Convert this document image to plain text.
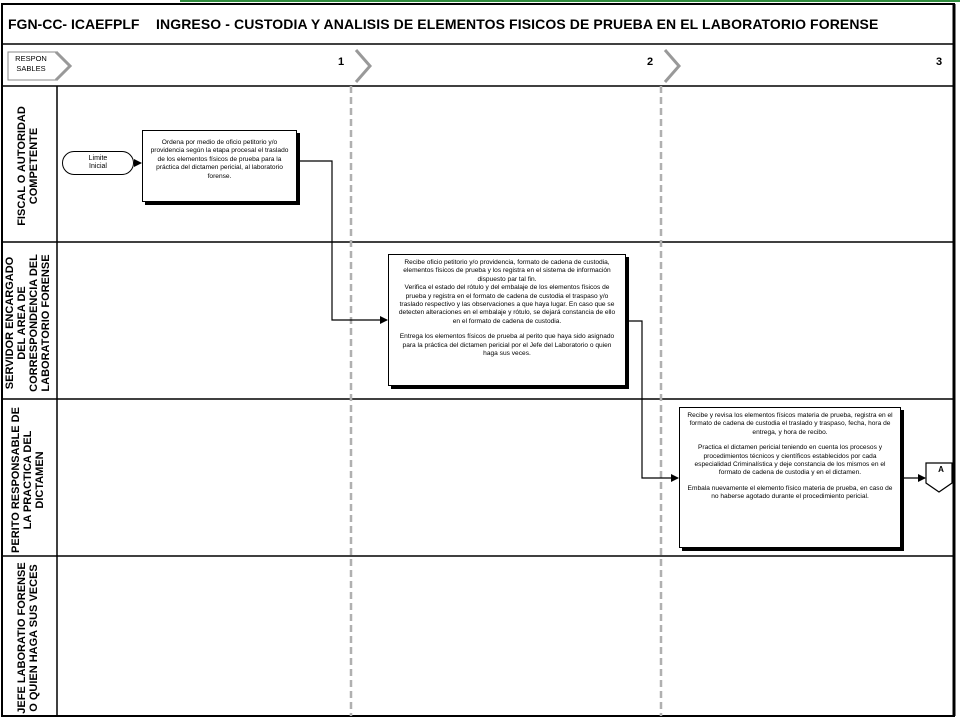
FGN-CC- ICAEFPLF INGRESO - CUSTODIA Y ANALISIS DE ELEMENTOS FISICOS DE PRUEBA EN EL LABORATORIO FORENSE
RESPON
SABLES
1	2	3
FISCAL O AUTORIDAD COMPETENTE
SERVIDOR ENCARGADO DEL AREA DE CORRESPONDENCIA DEL LABORATORIO FORENSE
PERITO RESPONSABLE DE LA PRACTICA DEL DICTAMEN
JEFE LABORATIO FORENSE O QUIEN HAGA SUS VECES
Limite
Inicial

Ordena por medio de oficio petitorio y/o providencia según la etapa procesal el traslado de los elementos físicos de prueba para la práctica del dictamen pericial, al laboratorio forense.

Recibe oficio petitorio y/o providencia, formato de cadena de custodia, elementos físicos de prueba y los registra en el sistema de información dispuesto par tal fin.
Verifica el estado del rótulo y del embalaje de los elementos físicos de prueba y registra en el formato de cadena de custodia el traspaso y/o traslado respectivo y las observaciones a que haya lugar. En caso que se detecten alteraciones en el embalaje y rótulo, se dejará constancia de ello en el formato de cadena de custodia.

Entrega los elementos físicos de prueba al perito que haya sido asignado para la práctica del dictamen pericial por el Jefe del Laboratorio o quien haga sus veces.

Recibe y revisa los elementos físicos materia de prueba, registra en el formato de cadena de custodia el traslado y traspaso, fecha, hora de entrega, y hora de recibo.

Practica el dictamen pericial teniendo en cuenta los procesos y procedimientos técnicos y científicos establecidos por cada especialidad Criminalística y deje constancia de los mismos en el formato de cadena de custodia y en el dictamen.

Embala nuevamente el elemento físico materia de prueba, en caso de no haberse agotado durante el procedimiento pericial.

A
